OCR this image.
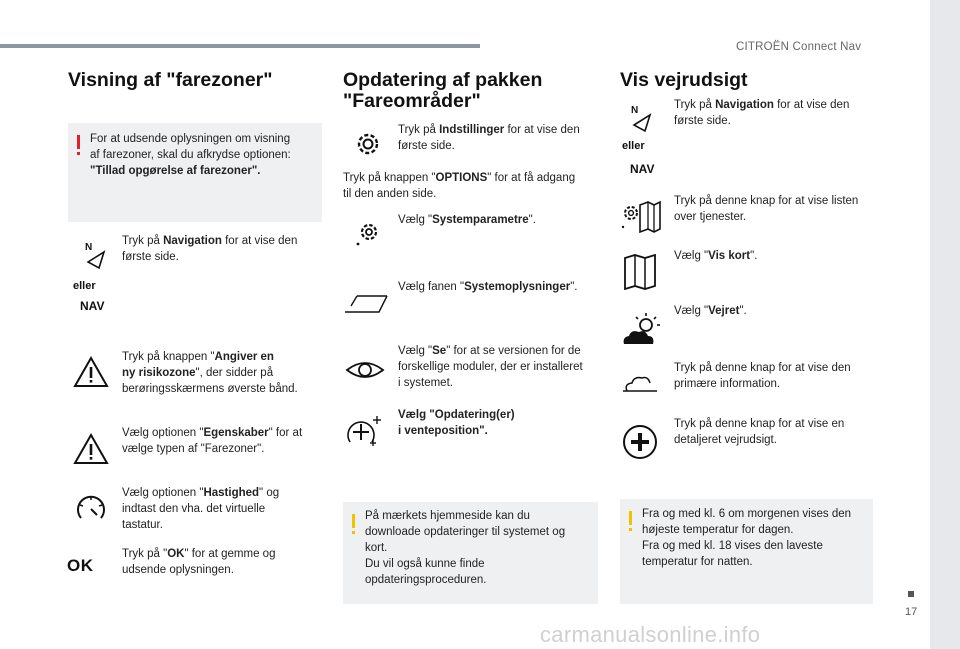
CITROËN Connect Nav
17
Visning af "farezoner"
For at udsende oplysningen om visning
af farezoner, skal du afkrydse optionen:
"Tillad opgørelse af farezoner".
N
eller
NAV
Tryk på Navigation for at vise den
første side.
Tryk på knappen "Angiver en
ny risikozone", der sidder på
berøringsskærmens øverste bånd.
Vælg optionen "Egenskaber" for at
vælge typen af "Farezoner".
Vælg optionen "Hastighed" og
indtast den vha. det virtuelle
tastatur.
OK
Tryk på "OK" for at gemme og
udsende oplysningen.
Opdatering af pakken
"Fareområder"
Tryk på Indstillinger for at vise den
første side.
Tryk på knappen "OPTIONS" for at få adgang
til den anden side.
Vælg "Systemparametre".
Vælg fanen "Systemoplysninger".
Vælg "Se" for at se versionen for de
forskellige moduler, der er installeret
i systemet.
Vælg "Opdatering(er)
i venteposition".
På mærkets hjemmeside kan du
downloade opdateringer til systemet og
kort.
Du vil også kunne finde
opdateringsproceduren.
Vis vejrudsigt
N
eller
NAV
Tryk på Navigation for at vise den
første side.
Tryk på denne knap for at vise listen
over tjenester.
Vælg "Vis kort".
Vælg "Vejret".
Tryk på denne knap for at vise den
primære information.
Tryk på denne knap for at vise en
detaljeret vejrudsigt.
Fra og med kl. 6 om morgenen vises den
højeste temperatur for dagen.
Fra og med kl. 18 vises den laveste
temperatur for natten.
carmanualsonline.info
